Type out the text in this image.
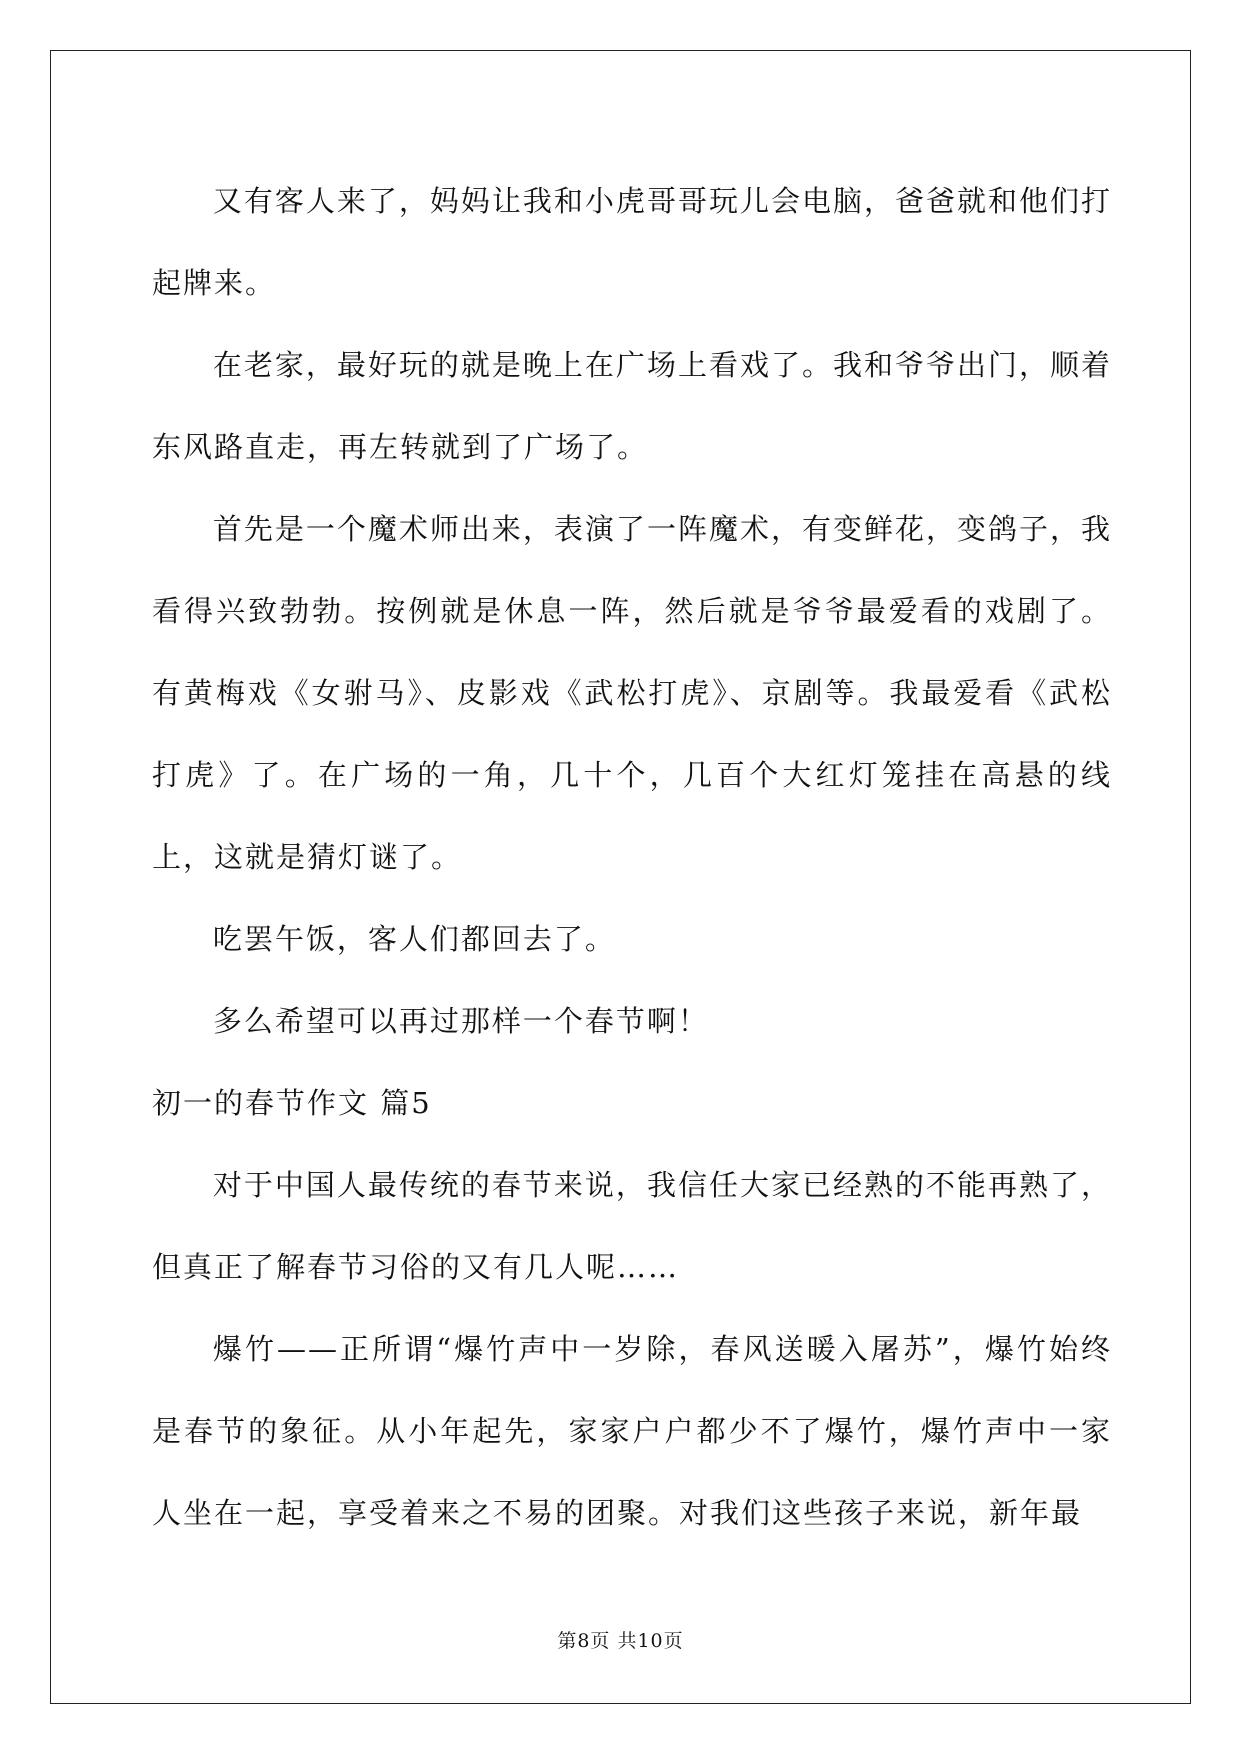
又有客人来了，妈妈让我和小虎哥哥玩儿会电脑，爸爸就和他们打起牌来。

在老家，最好玩的就是晚上在广场上看戏了。我和爷爷出门，顺着东风路直走，再左转就到了广场了。

首先是一个魔术师出来，表演了一阵魔术，有变鲜花，变鸽子，我看得兴致勃勃。按例就是休息一阵，然后就是爷爷最爱看的戏剧了。有黄梅戏《女驸马》、皮影戏《武松打虎》、京剧等。我最爱看《武松打虎》了。在广场的一角，几十个，几百个大红灯笼挂在高悬的线上，这就是猜灯谜了。

吃罢午饭，客人们都回去了。

多么希望可以再过那样一个春节啊！

初一的春节作文 篇5

对于中国人最传统的春节来说，我信任大家已经熟的不能再熟了，但真正了解春节习俗的又有几人呢……

爆竹——正所谓“爆竹声中一岁除，春风送暖入屠苏”，爆竹始终是春节的象征。从小年起先，家家户户都少不了爆竹，爆竹声中一家人坐在一起，享受着来之不易的团聚。对我们这些孩子来说，新年最

第8页 共10页
